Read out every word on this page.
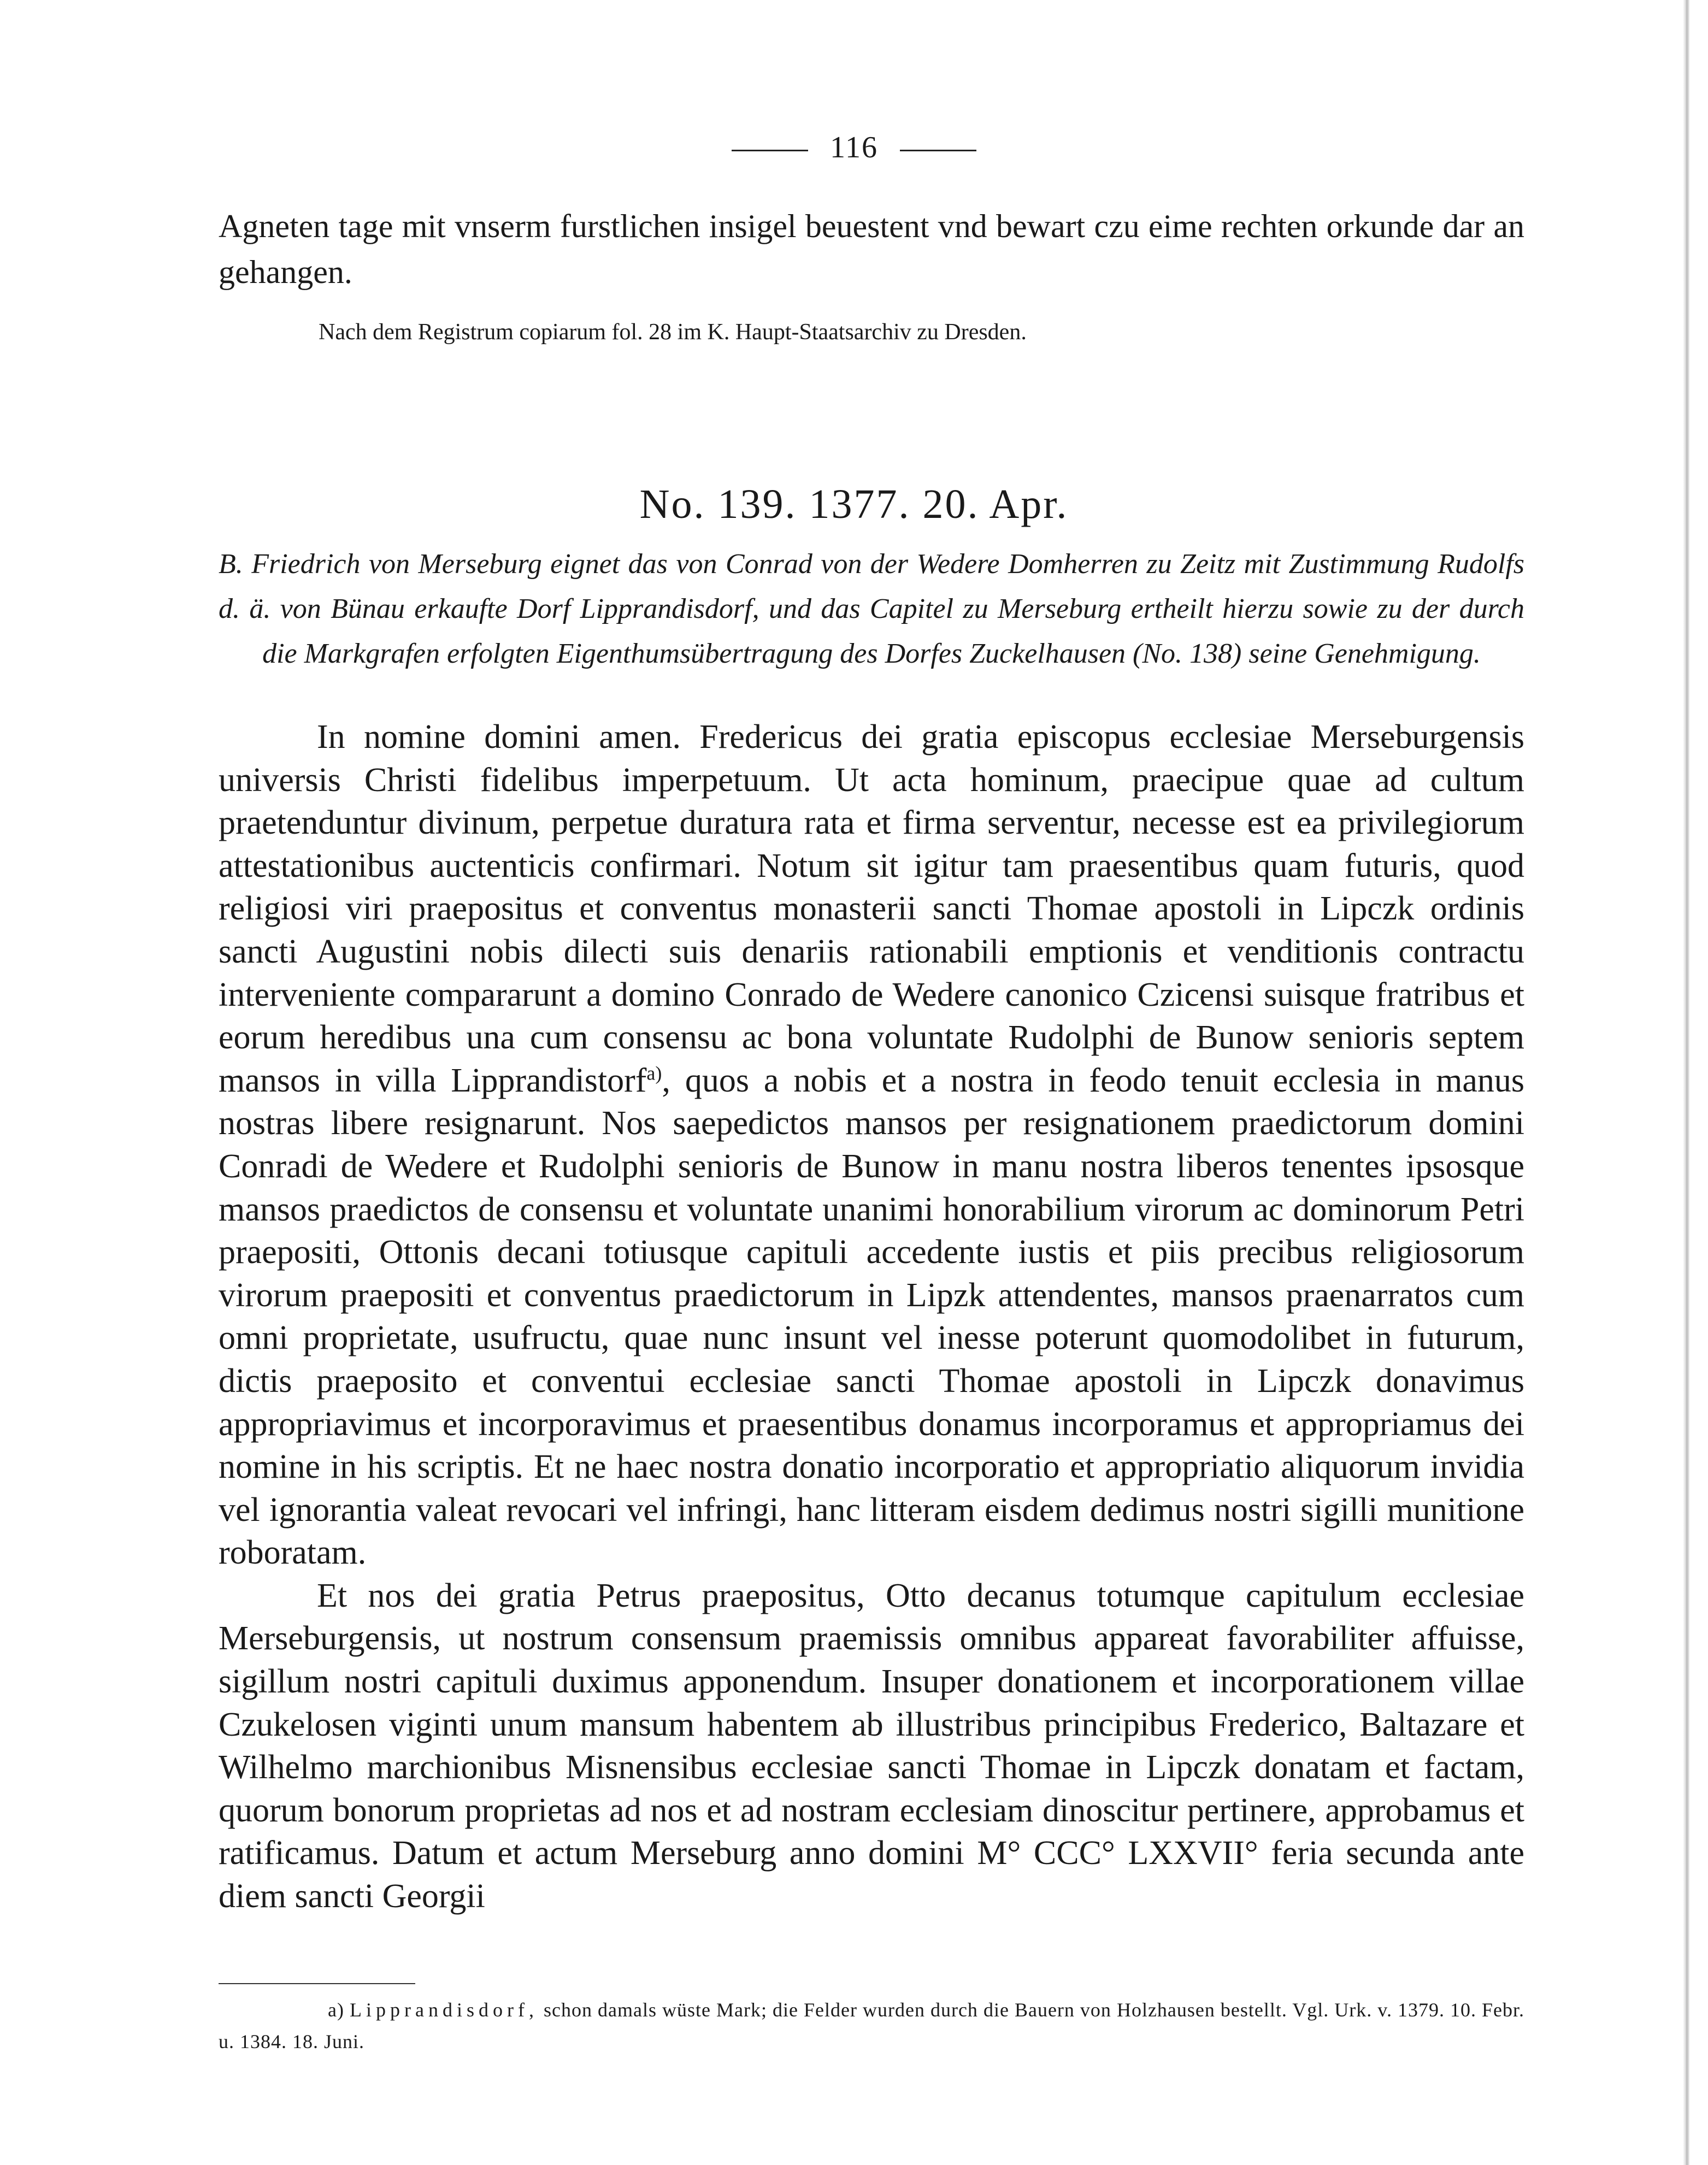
116
Agneten tage mit vnserm furstlichen insigel beuestent vnd bewart czu eime rechten orkunde dar an gehangen.
Nach dem Registrum copiarum fol. 28 im K. Haupt-Staatsarchiv zu Dresden.
No. 139. 1377. 20. Apr.
B. Friedrich von Merseburg eignet das von Conrad von der Wedere Domherren zu Zeitz mit Zustimmung Rudolfs d. ä. von Bünau erkaufte Dorf Lipprandisdorf, und das Capitel zu Merseburg ertheilt hierzu sowie zu der durch die Markgrafen erfolgten Eigenthumsübertragung des Dorfes Zuckelhausen (No. 138) seine Genehmigung.

In nomine domini amen. Fredericus dei gratia episcopus ecclesiae Merseburgensis universis Christi fidelibus imperpetuum. Ut acta hominum, praecipue quae ad cultum praetenduntur divinum, perpetue duratura rata et firma serventur, necesse est ea privilegiorum attestationibus auctenticis confirmari. Notum sit igitur tam praesentibus quam futuris, quod religiosi viri praepositus et conventus monasterii sancti Thomae apostoli in Lipczk ordinis sancti Augustini nobis dilecti suis denariis rationabili emptionis et venditionis contractu interveniente compararunt a domino Conrado de Wedere canonico Czicensi suisque fratribus et eorum heredibus una cum consensu ac bona voluntate Rudolphi de Bunow senioris septem mansos in villa Lipprandistorf$^{a)}$, quos a nobis et a nostra in feodo tenuit ecclesia in manus nostras libere resignarunt. Nos saepedictos mansos per resignationem praedictorum domini Conradi de Wedere et Rudolphi senioris de Bunow in manu nostra liberos tenentes ipsosque mansos praedictos de consensu et voluntate unanimi honorabilium virorum ac dominorum Petri praepositi, Ottonis decani totiusque capituli accedente iustis et piis precibus religiosorum virorum praepositi et conventus praedictorum in Lipzk attendentes, mansos praenarratos cum omni proprietate, usufructu, quae nunc insunt vel inesse poterunt quomodolibet in futurum, dictis praeposito et conventui ecclesiae sancti Thomae apostoli in Lipczk donavimus appropriavimus et incorporavimus et praesentibus donamus incorporamus et appropriamus dei nomine in his scriptis. Et ne haec nostra donatio incorporatio et appropriatio aliquorum invidia vel ignorantia valeat revocari vel infringi, hanc litteram eisdem dedimus nostri sigilli munitione roboratam.

Et nos dei gratia Petrus praepositus, Otto decanus totumque capitulum ecclesiae Merseburgensis, ut nostrum consensum praemissis omnibus appareat favorabiliter affuisse, sigillum nostri capituli duximus apponendum. Insuper donationem et incorporationem villae Czukelosen viginti unum mansum habentem ab illustribus principibus Frederico, Baltazare et Wilhelmo marchionibus Misnensibus ecclesiae sancti Thomae in Lipczk donatam et factam, quorum bonorum proprietas ad nos et ad nostram ecclesiam dinoscitur pertinere, approbamus et ratificamus. Datum et actum Merseburg anno domini M° CCC° LXXVII° feria secunda ante diem sancti Georgii

a) Lipprandisdorf, schon damals wüste Mark; die Felder wurden durch die Bauern von Holzhausen bestellt. Vgl. Urk. v. 1379. 10. Febr. u. 1384. 18. Juni.
